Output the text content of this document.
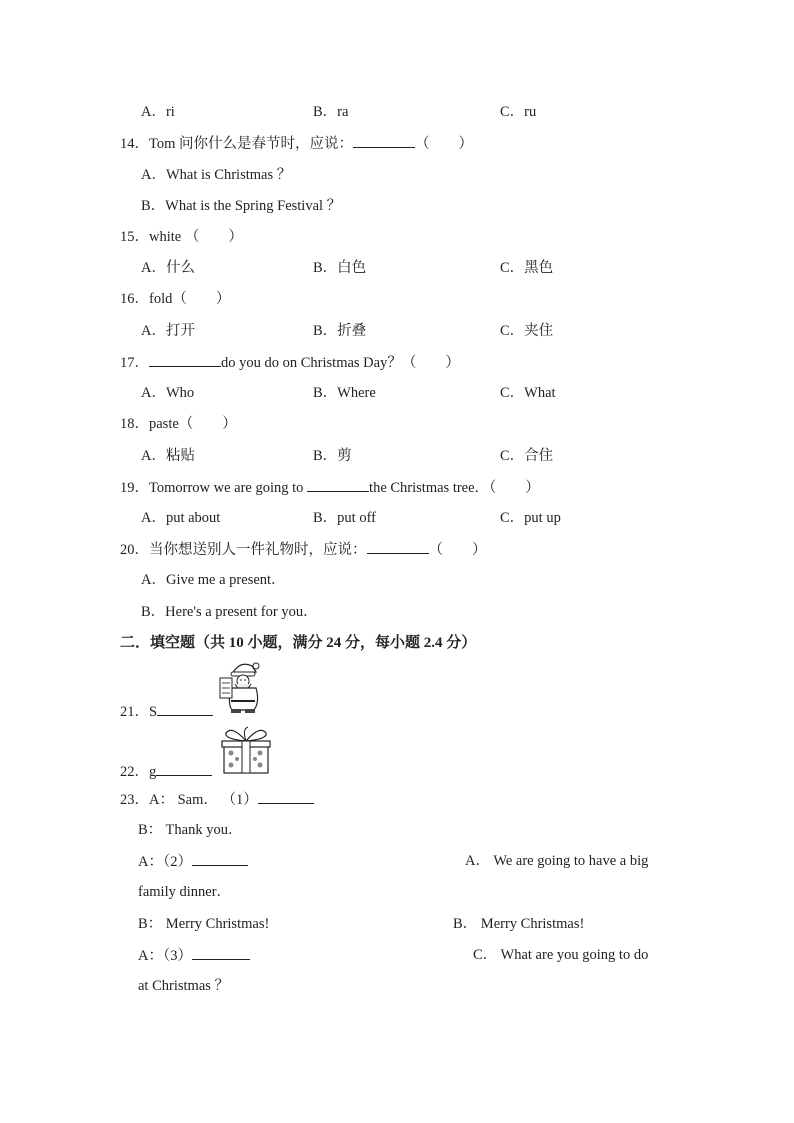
A．ri	B．ra	C．ru
14．Tom 问你什么是春节时，应说：	（　　）
A．What is Christmas ？
B．What is the Spring Festival ？
15．white （　　）
A．什么	B．白色	C．黑色
16．fold（　　）
A．打开	B．折叠	C．夹住
17．	do you do on Christmas Day？（　　）
A．Who	B．Where	C．What
18．paste（　　）
A．粘贴	B．剪	C．合住
19．Tomorrow we are going to	the Christmas tree．（　　）
A．put about	B．put off	C．put up
20．当你想送别人一件礼物时，应说：	（　　）
A．Give me a present．
B．Here's a present for you．
二．填空题（共 10 小题，满分 24 分，每小题 2.4 分）
21．S
22．g
23．A： Sam． （1）
B： Thank you．
A：（2）	A． We are going to have a big
family dinner．
B： Merry Christmas!	B． Merry Christmas!
A：（3）	C． What are you going to do
at Christmas ？
